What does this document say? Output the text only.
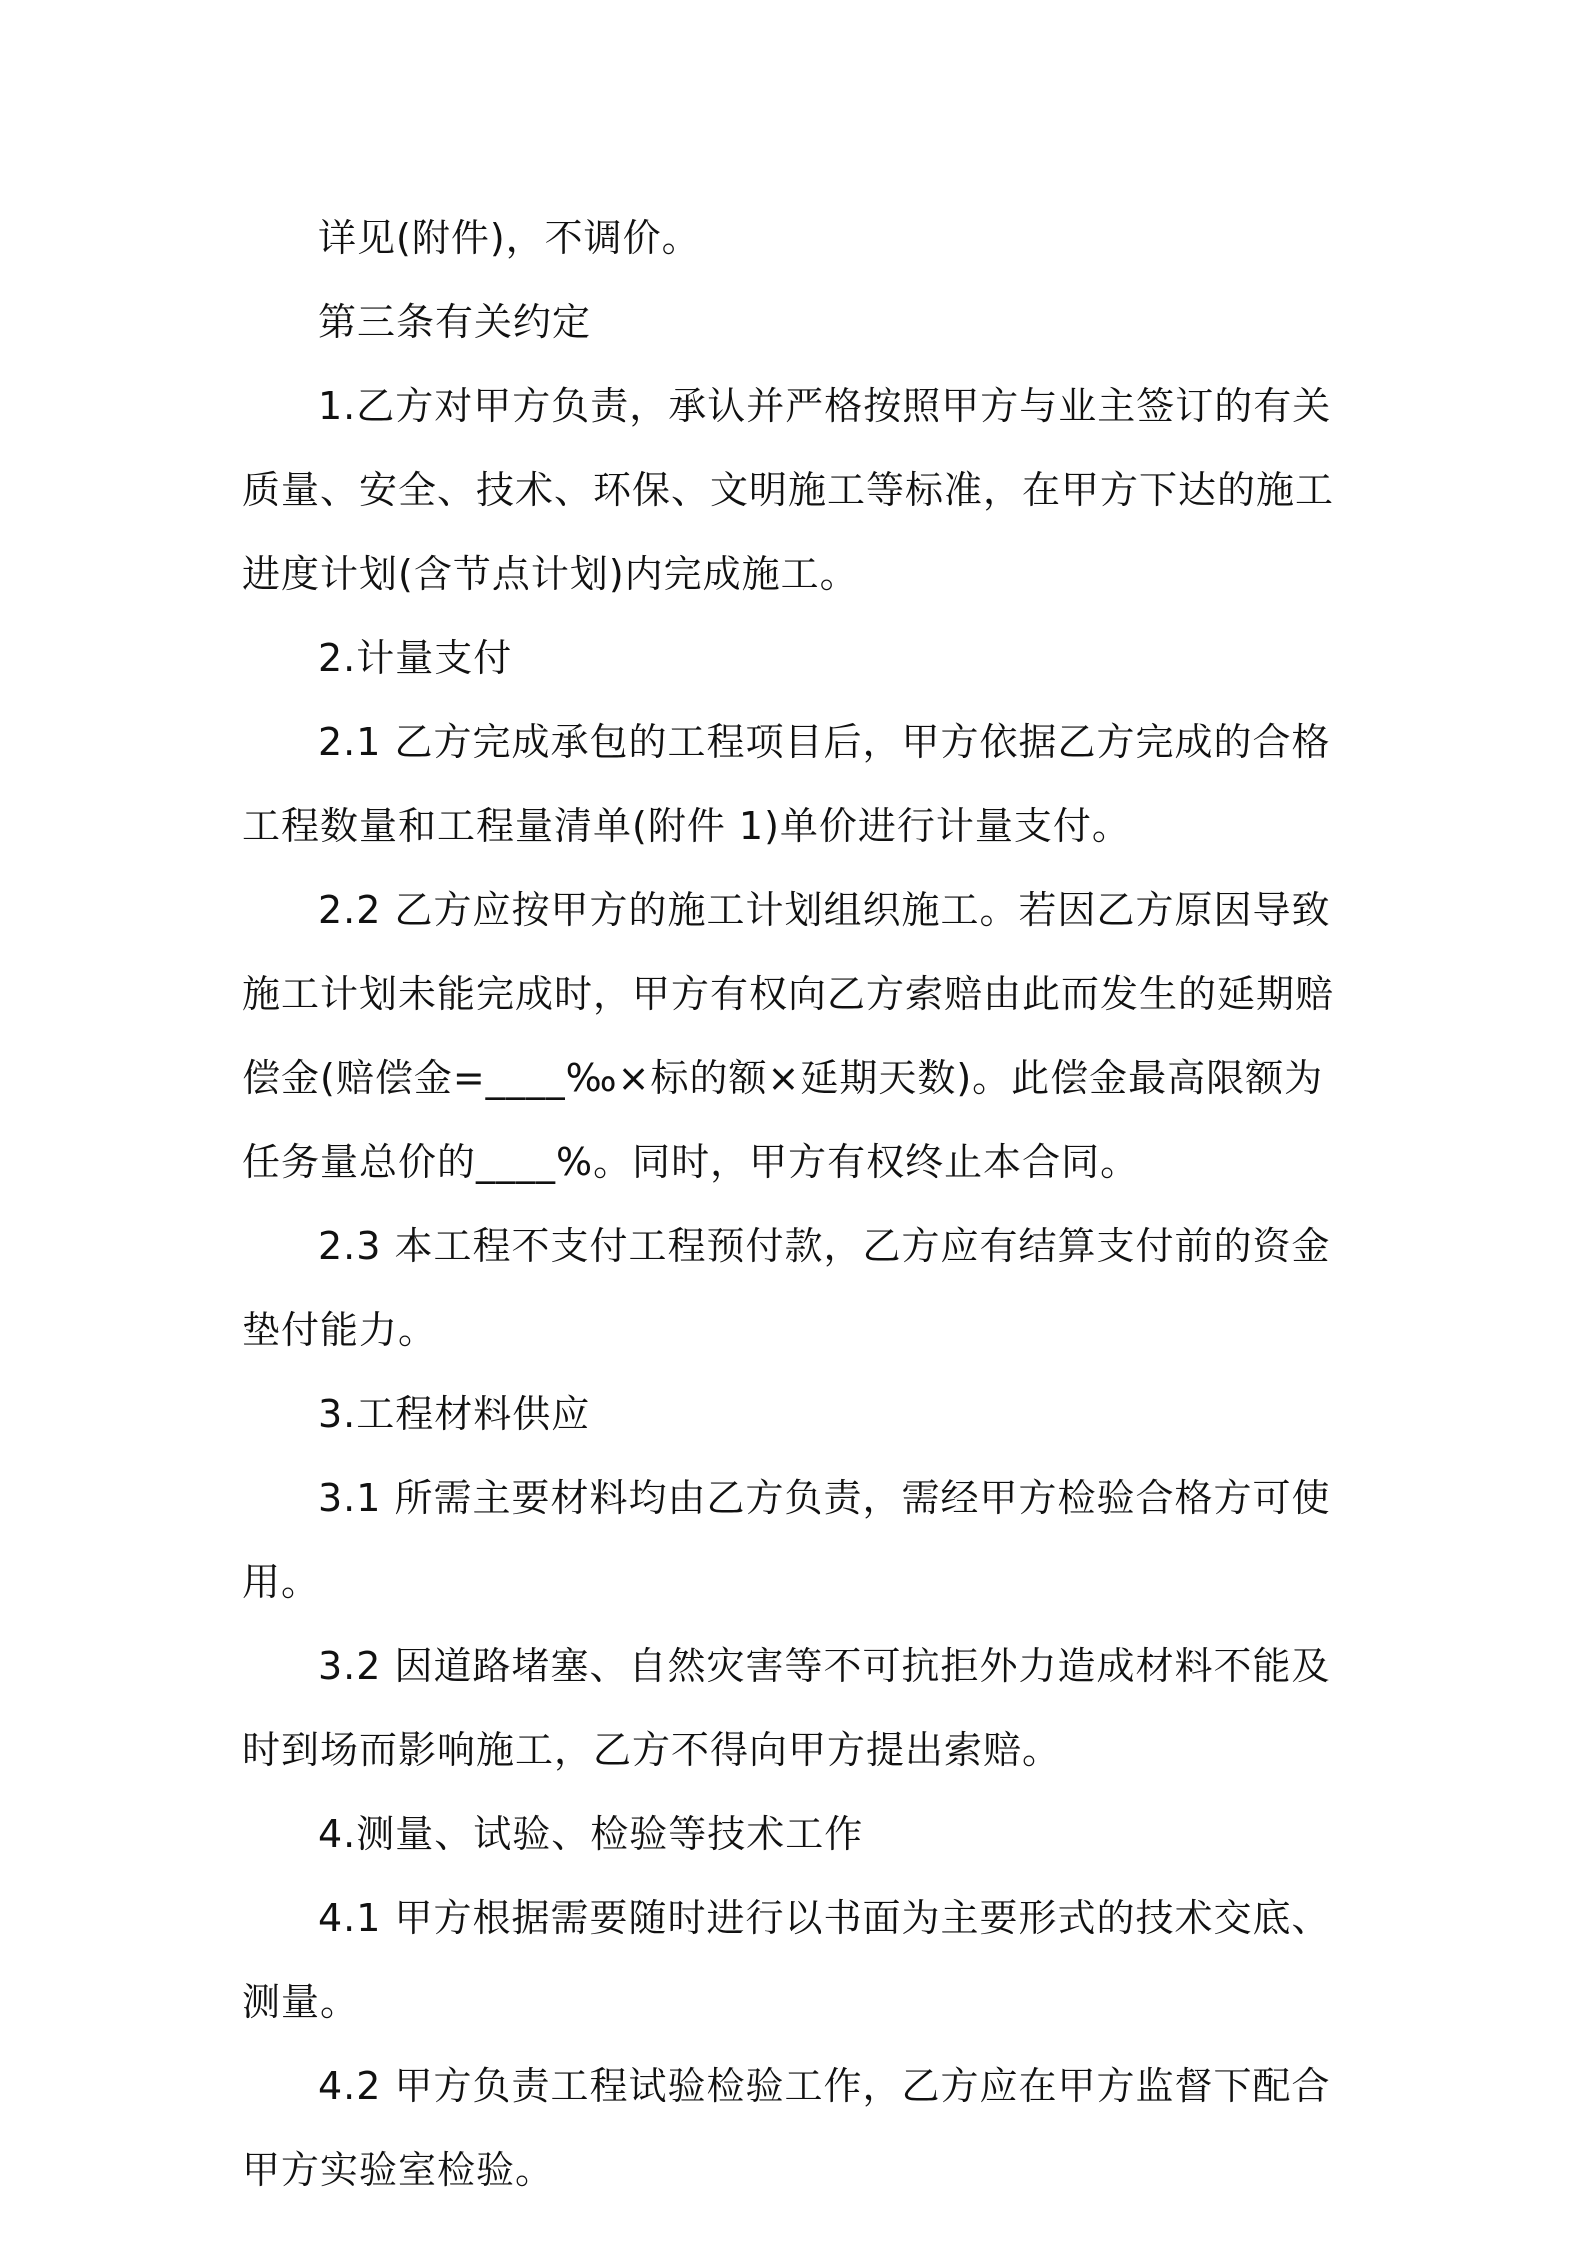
详见(附件)，不调价。

第三条有关约定

1.乙方对甲方负责，承认并严格按照甲方与业主签订的有关质量、安全、技术、环保、文明施工等标准，在甲方下达的施工进度计划(含节点计划)内完成施工。

2.计量支付

2.1 乙方完成承包的工程项目后，甲方依据乙方完成的合格工程数量和工程量清单(附件 1)单价进行计量支付。

2.2 乙方应按甲方的施工计划组织施工。若因乙方原因导致施工计划未能完成时，甲方有权向乙方索赔由此而发生的延期赔偿金(赔偿金=____‰×标的额×延期天数)。此偿金最高限额为任务量总价的____%。同时，甲方有权终止本合同。

2.3 本工程不支付工程预付款，乙方应有结算支付前的资金垫付能力。

3.工程材料供应

3.1 所需主要材料均由乙方负责，需经甲方检验合格方可使用。

3.2 因道路堵塞、自然灾害等不可抗拒外力造成材料不能及时到场而影响施工，乙方不得向甲方提出索赔。

4.测量、试验、检验等技术工作

4.1 甲方根据需要随时进行以书面为主要形式的技术交底、测量。

4.2 甲方负责工程试验检验工作，乙方应在甲方监督下配合甲方实验室检验。
